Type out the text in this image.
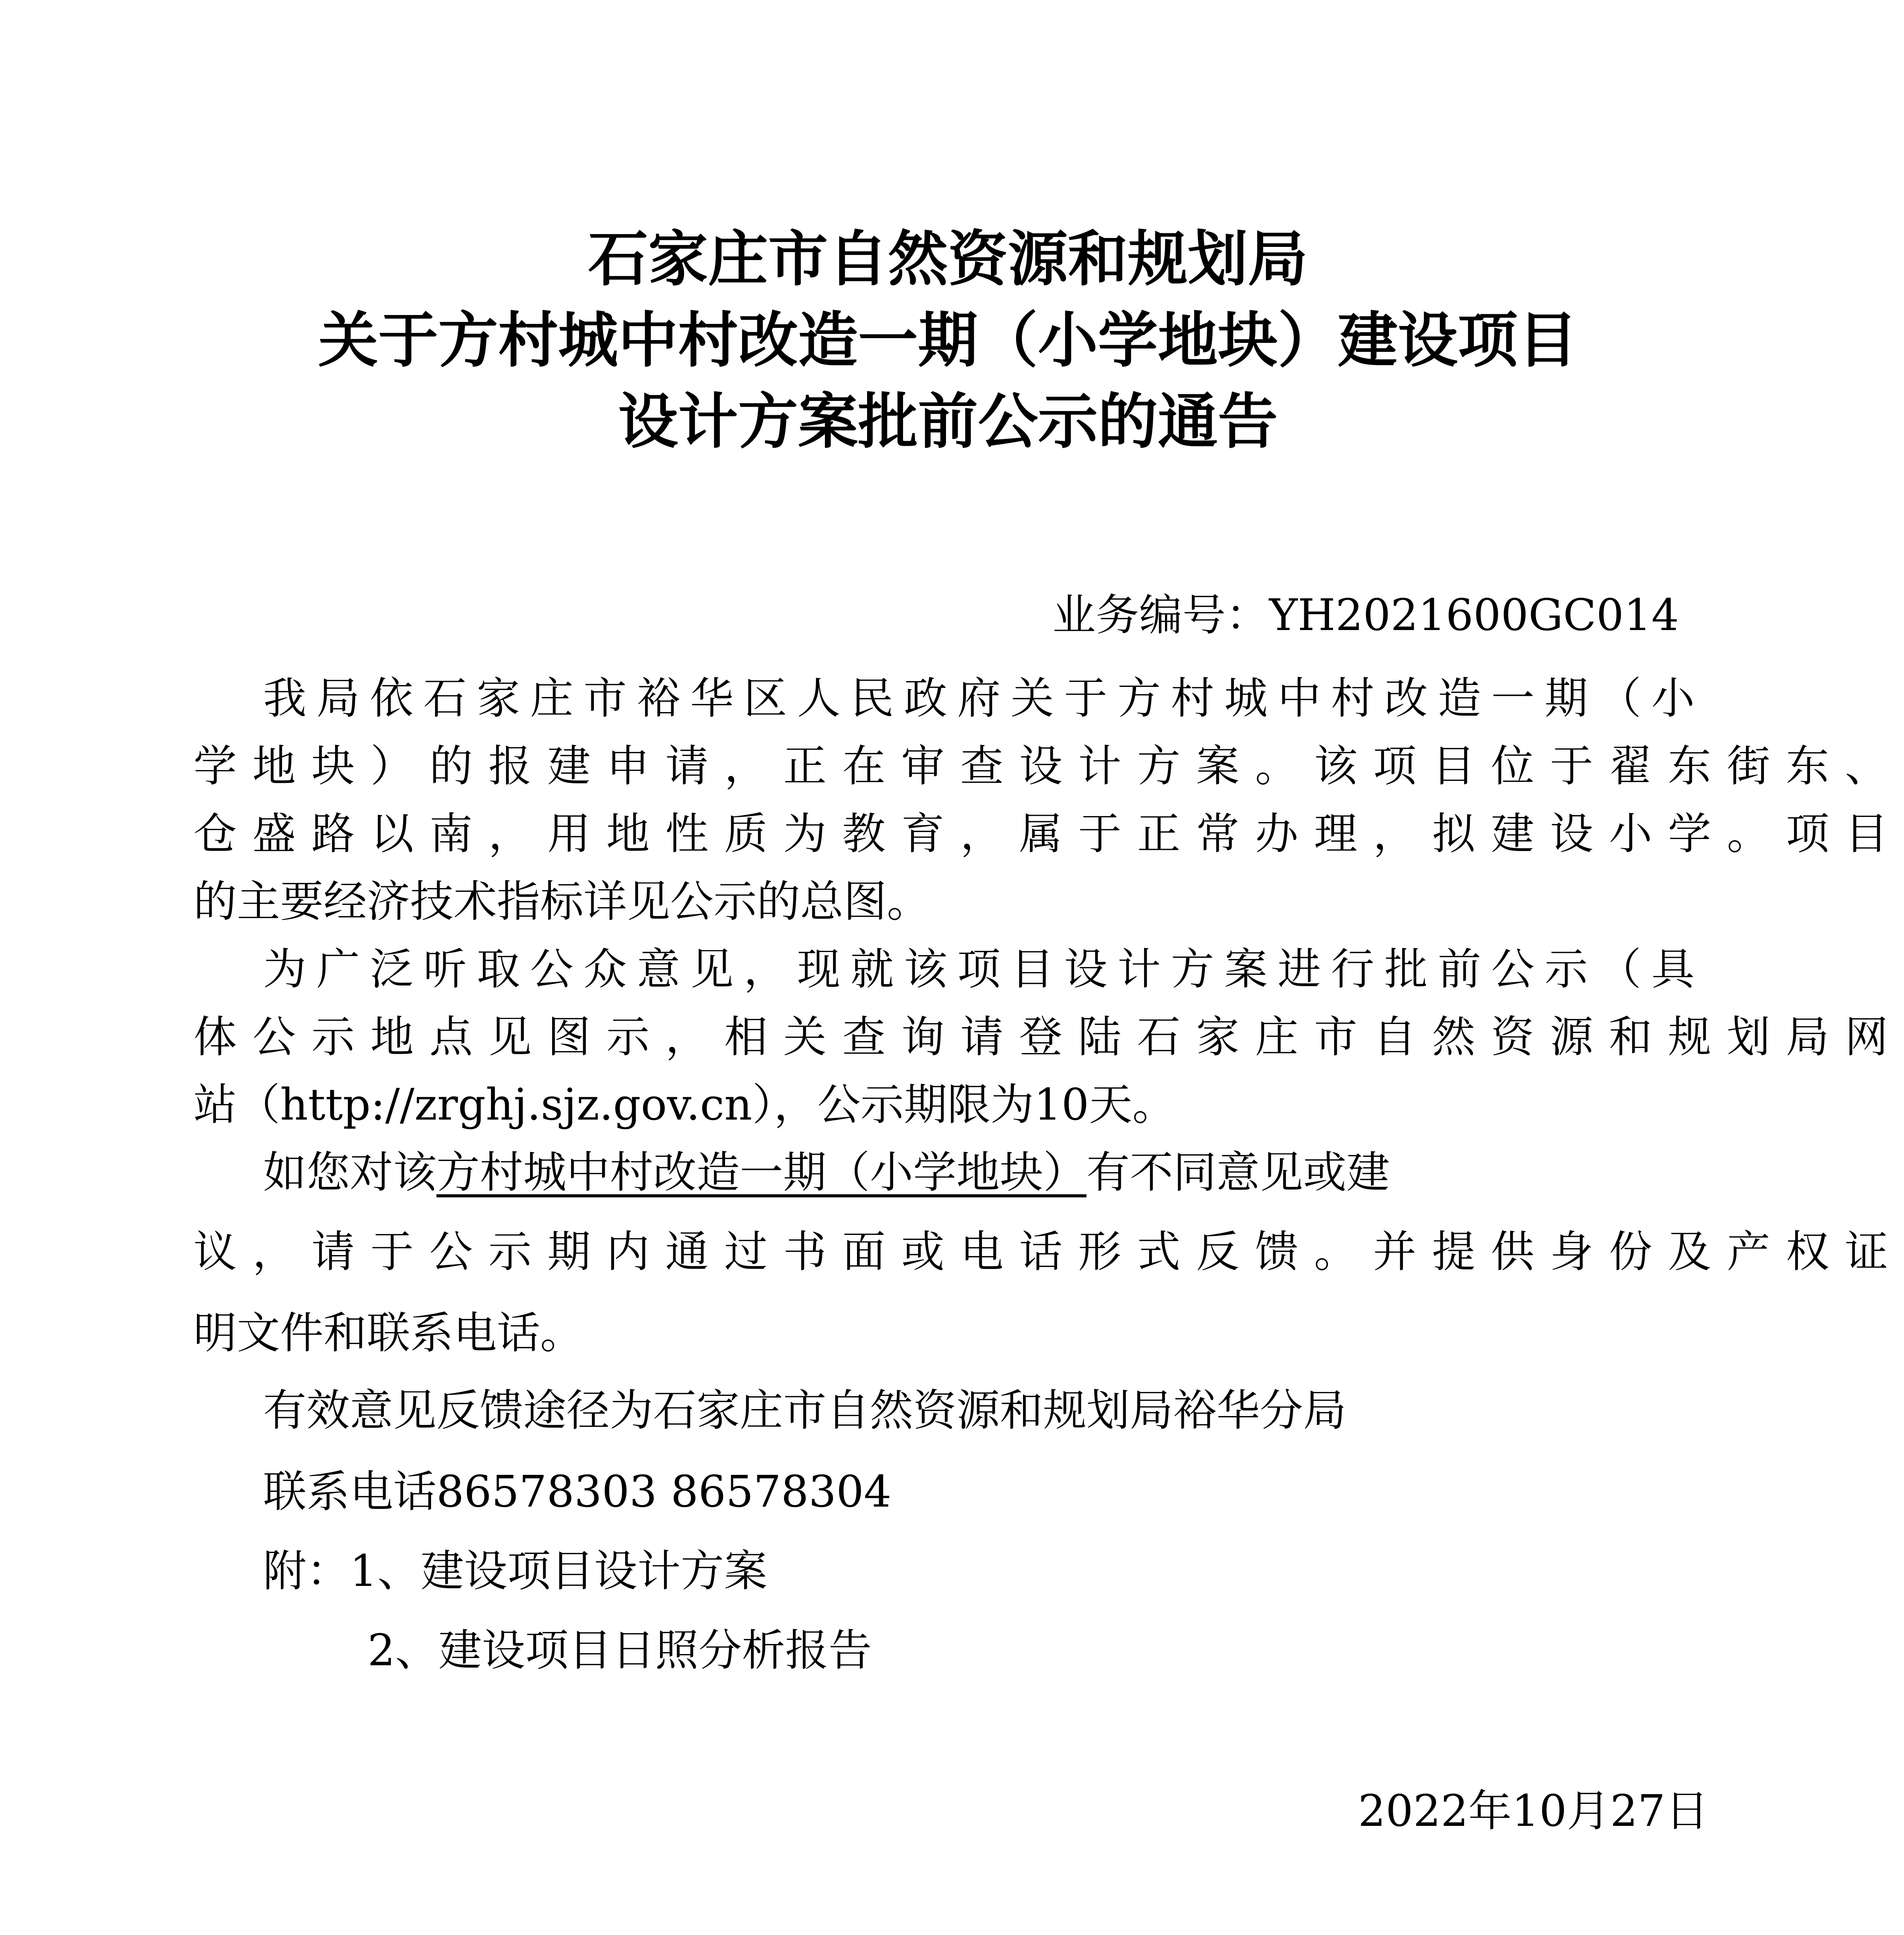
石家庄市自然资源和规划局
关于方村城中村改造一期（小学地块）建设项目
设计方案批前公示的通告
业务编号：YH2021600GC014
我局依石家庄市裕华区人民政府关于方村城中村改造一期（小
学地块）的报建申请，正在审查设计方案。该项目位于翟东街东、
仓盛路以南，用地性质为教育，属于正常办理，拟建设小学。项目
的主要经济技术指标详见公示的总图。
为广泛听取公众意见，现就该项目设计方案进行批前公示（具
体公示地点见图示，相关查询请登陆石家庄市自然资源和规划局网
站（http://zrghj.sjz.gov.cn），公示期限为10天。
如您对该方村城中村改造一期（小学地块）有不同意见或建
议，请于公示期内通过书面或电话形式反馈。并提供身份及产权证
明文件和联系电话。
有效意见反馈途径为石家庄市自然资源和规划局裕华分局
联系电话86578303 86578304
附：1、建设项目设计方案
2、建设项目日照分析报告
2022年10月27日
